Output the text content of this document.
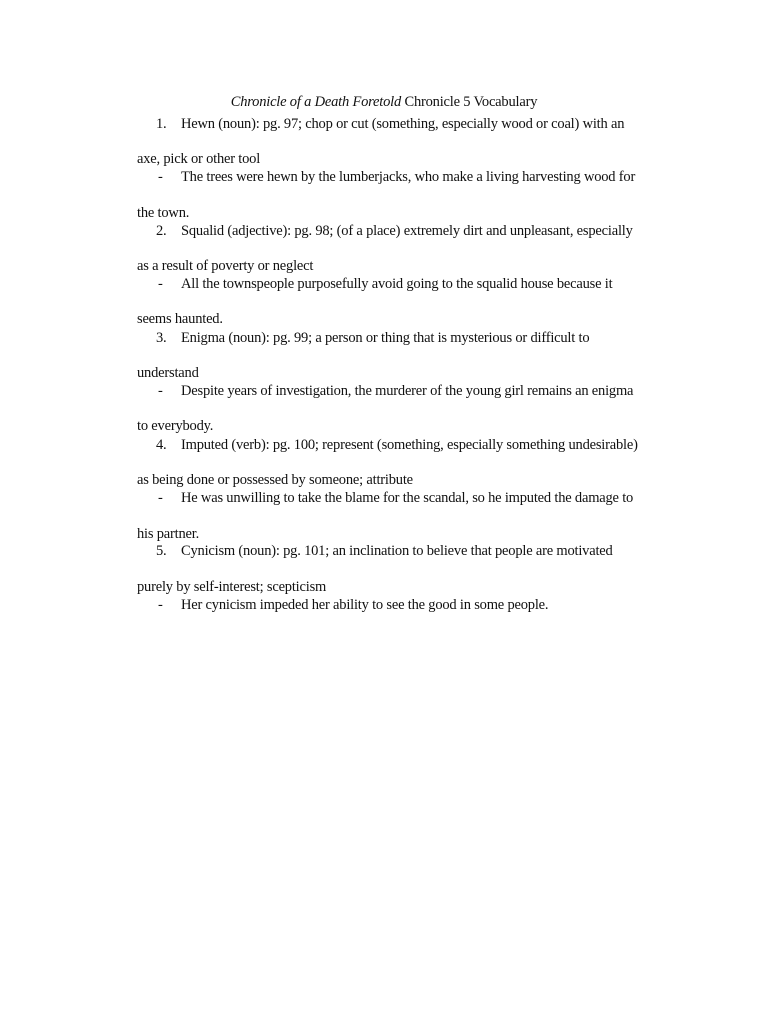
Chronicle of a Death Foretold Chronicle 5 Vocabulary
1. Hewn (noun): pg. 97; chop or cut (something, especially wood or coal) with an
axe, pick or other tool
- The trees were hewn by the lumberjacks, who make a living harvesting wood for
the town.
2. Squalid (adjective): pg. 98; (of a place) extremely dirt and unpleasant, especially
as a result of poverty or neglect
- All the townspeople purposefully avoid going to the squalid house because it
seems haunted.
3. Enigma (noun): pg. 99; a person or thing that is mysterious or difficult to
understand
- Despite years of investigation, the murderer of the young girl remains an enigma
to everybody.
4. Imputed (verb): pg. 100; represent (something, especially something undesirable)
as being done or possessed by someone; attribute
- He was unwilling to take the blame for the scandal, so he imputed the damage to
his partner.
5. Cynicism (noun): pg. 101; an inclination to believe that people are motivated
purely by self-interest; scepticism
- Her cynicism impeded her ability to see the good in some people.
